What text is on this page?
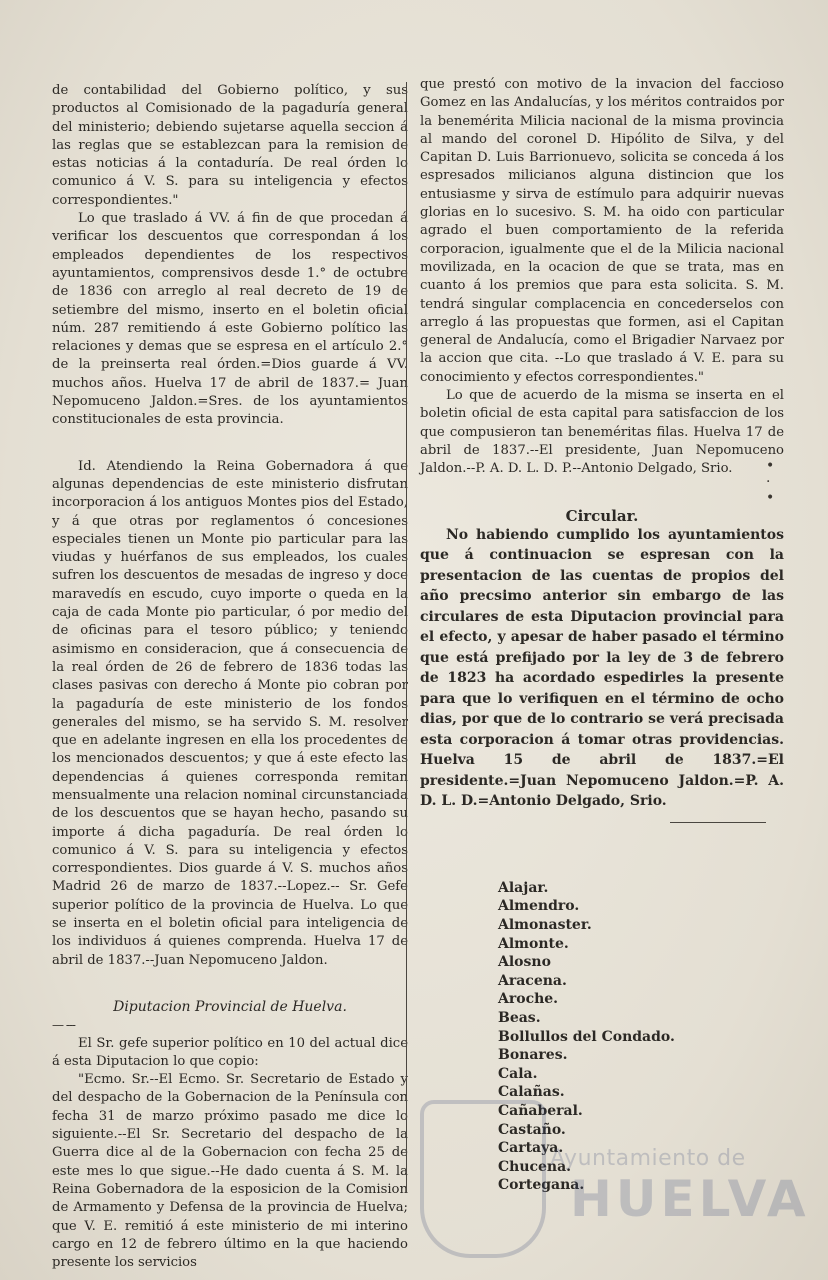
de contabilidad del Gobierno político, y sus productos al Comisionado de la pagaduría general del ministerio; debiendo sujetarse aquella seccion á las reglas que se establezcan para la remision de estas noticias á la contaduría. De real órden lo comunico á V. S. para su inteligencia y efectos correspondientes."

Lo que traslado á VV. á fin de que procedan á verificar los descuentos que correspondan á los empleados dependientes de los respectivos ayuntamientos, comprensivos desde 1.° de octubre de 1836 con arreglo al real decreto de 19 de setiembre del mismo, inserto en el boletin oficial núm. 287 remitiendo á este Gobierno político las relaciones y demas que se espresa en el artículo 2.° de la preinserta real órden.=Dios guarde á VV. muchos años. Huelva 17 de abril de 1837.= Juan Nepomuceno Jaldon.=Sres. de los ayuntamientos constitucionales de esta provincia.

Id. Atendiendo la Reina Gobernadora á que algunas dependencias de este ministerio disfrutan incorporacion á los antiguos Montes pios del Estado, y á que otras por reglamentos ó concesiones especiales tienen un Monte pio particular para las viudas y huérfanos de sus empleados, los cuales sufren los descuentos de mesadas de ingreso y doce maravedís en escudo, cuyo importe o queda en la caja de cada Monte pio particular, ó por medio del de oficinas para el tesoro público; y teniendo asimismo en consideracion, que á consecuencia de la real órden de 26 de febrero de 1836 todas las clases pasivas con derecho á Monte pio cobran por la pagaduría de este ministerio de los fondos generales del mismo, se ha servido S. M. resolver que en adelante ingresen en ella los procedentes de los mencionados descuentos; y que á este efecto las dependencias á quienes corresponda remitan mensualmente una relacion nominal circunstanciada de los descuentos que se hayan hecho, pasando su importe á dicha pagaduría. De real órden lo comunico á V. S. para su inteligencia y efectos correspondientes. Dios guarde á V. S. muchos años Madrid 26 de marzo de 1837.--Lopez.-- Sr. Gefe superior político de la provincia de Huelva. Lo que se inserta en el boletin oficial para inteligencia de los individuos á quienes comprenda. Huelva 17 de abril de 1837.--Juan Nepomuceno Jaldon.

Diputacion Provincial de Huelva.

— ---

El Sr. gefe superior político en 10 del actual dice á esta Diputacion lo que copio:

"Ecmo. Sr.--El Ecmo. Sr. Secretario de Estado y del despacho de la Gobernacion de la Península con fecha 31 de marzo próximo pasado me dice lo siguiente.--El Sr. Secretario del despacho de la Guerra dice al de la Gobernacion con fecha 25 de este mes lo que sigue.--He dado cuenta á S. M. la Reina Gobernadora de la esposicion de la Comision de Armamento y Defensa de la provincia de Huelva; que V. E. remitió á este ministerio de mi interino cargo en 12 de febrero último en la que haciendo presente los servicios

que prestó con motivo de la invacion del faccioso Gomez en las Andalucías, y los méritos contraidos por la benemérita Milicia nacional de la misma provincia al mando del coronel D. Hipólito de Silva, y del Capitan D. Luis Barrionuevo, solicita se conceda á los espresados milicianos alguna distincion que los entusiasme y sirva de estímulo para adquirir nuevas glorias en lo sucesivo. S. M. ha oido con particular agrado el buen comportamiento de la referida corporacion, igualmente que el de la Milicia nacional movilizada, en la ocacion de que se trata, mas en cuanto á los premios que para esta solicita. S. M. tendrá singular complacencia en concederselos con arreglo á las propuestas que formen, asi el Capitan general de Andalucía, como el Brigadier Narvaez por la accion que cita. --Lo que traslado á V. E. para su conocimiento y efectos correspondientes."

Lo que de acuerdo de la misma se inserta en el boletin oficial de esta capital para satisfaccion de los que compusieron tan beneméritas filas. Huelva 17 de abril de 1837.--El presidente, Juan Nepomuceno Jaldon.--P. A. D. L. D. P.--Antonio Delgado, Srio.

Circular.

No habiendo cumplido los ayuntamientos que á continuacion se espresan con la presentacion de las cuentas de propios del año precsimo anterior sin embargo de las circulares de esta Diputacion provincial para el efecto, y apesar de haber pasado el término que está prefijado por la ley de 3 de febrero de 1823 ha acordado espedirles la presente para que lo verifiquen en el término de ocho dias, por que de lo contrario se verá precisada esta corporacion á tomar otras providencias. Huelva 15 de abril de 1837.=El presidente.=Juan Nepomuceno Jaldon.=P. A. D. L. D.=Antonio Delgado, Srio.

Alajar.
Almendro.
Almonaster.
Almonte.
Alosno
Aracena.
Aroche.
Beas.
Bollullos del Condado.
Bonares.
Cala.
Calañas.
Cañaberal.
Castaño.
Cartaya.
Chucena.
Cortegana.
•
·
•
Ayuntamiento de
HUELVA
